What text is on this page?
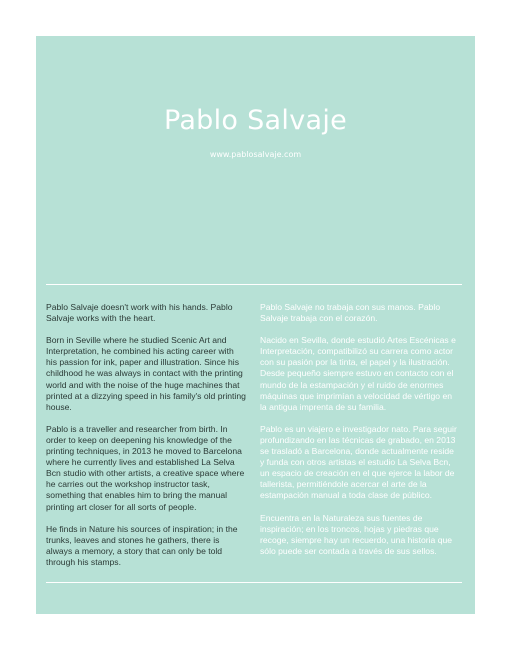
Pablo Salvaje
www.pablosalvaje.com

Pablo Salvaje doesn't work with his hands. Pablo Salvaje works with the heart.

Born in Seville where he studied Scenic Art and Interpretation, he combined his acting career with his passion for ink, paper and illustration. Since his childhood he was always in contact with the printing world and with the noise of the huge machines that printed at a dizzying speed in his family's old printing house.

Pablo is a traveller and researcher from birth. In order to keep on deepening his knowledge of the printing techniques, in 2013 he moved to Barcelona where he currently lives and established La Selva Bcn studio with other artists, a creative space where he carries out the workshop instructor task, something that enables him to bring the manual printing art closer for all sorts of people.

He finds in Nature his sources of inspiration; in the trunks, leaves and stones he gathers, there is always a memory, a story that can only be told through his stamps.

Pablo Salvaje no trabaja con sus manos. Pablo Salvaje trabaja con el corazón.

Nacido en Sevilla, donde estudió Artes Escénicas e Interpretación, compatibilizó su carrera como actor con su pasión por la tinta, el papel y la ilustración. Desde pequeño siempre estuvo en contacto con el mundo de la estampación y el ruido de enormes máquinas que imprimían a velocidad de vértigo en la antigua imprenta de su familia.

Pablo es un viajero e investigador nato. Para seguir profundizando en las técnicas de grabado, en 2013 se trasladó a Barcelona, donde actualmente reside y funda con otros artistas el estudio La Selva Bcn, un espacio de creación en el que ejerce la labor de tallerista, permitiéndole acercar el arte de la estampación manual a toda clase de público.

Encuentra en la Naturaleza sus fuentes de inspiración; en los troncos, hojas y piedras que recoge, siempre hay un recuerdo, una historia que sólo puede ser contada a través de sus sellos.
